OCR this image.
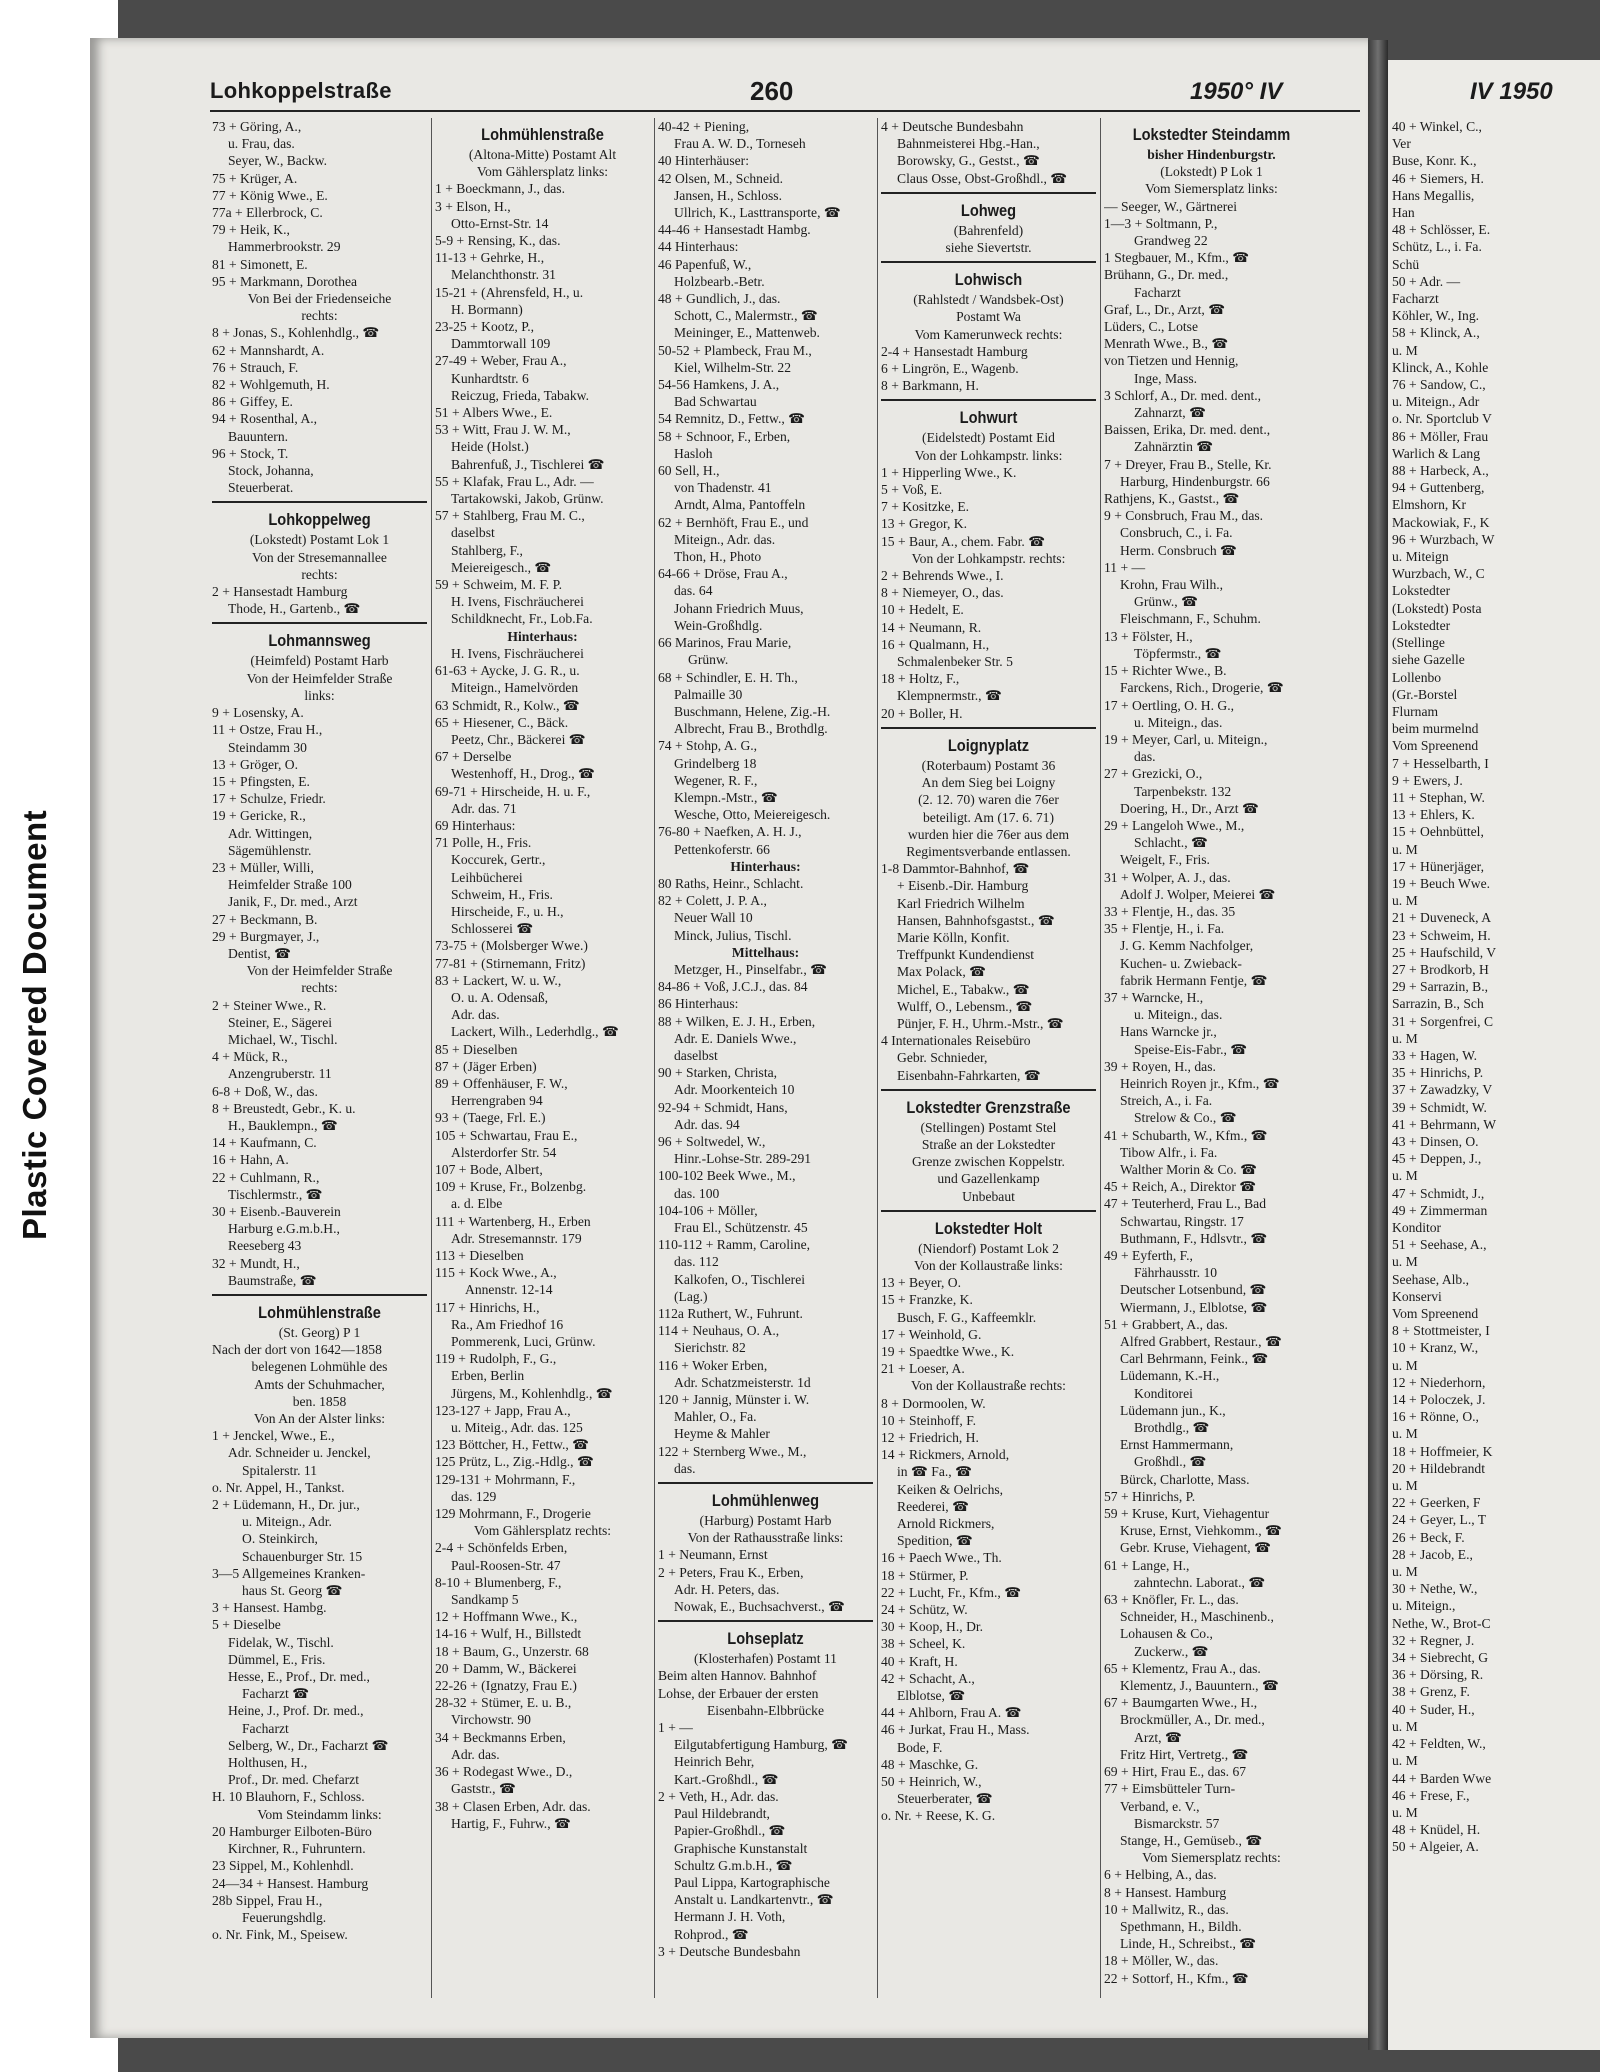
Plastic Covered Document
Lohkoppelstraße	260	1950° IV	IV 1950
73 + Göring, A.,
u. Frau, das.
Seyer, W., Backw.
75 + Krüger, A.
77 + König Wwe., E.
77a + Ellerbrock, C.
79 + Heik, K.,
Hammerbrookstr. 29
81 + Simonett, E.
95 + Markmann, Dorothea
Von Bei der Friedenseiche
rechts:
8 + Jonas, S., Kohlenhdlg., ☎
62 + Mannshardt, A.
76 + Strauch, F.
82 + Wohlgemuth, H.
86 + Giffey, E.
94 + Rosenthal, A.,
Bauuntern.
96 + Stock, T.
Stock, Johanna,
Steuerberat.
Lohkoppelweg
(Lokstedt) Postamt Lok 1
Von der Stresemannallee
rechts:
2 + Hansestadt Hamburg
Thode, H., Gartenb., ☎
Lohmannsweg
(Heimfeld) Postamt Harb
Von der Heimfelder Straße
links:
9 + Losensky, A.
11 + Ostze, Frau H.,
Steindamm 30
13 + Gröger, O.
15 + Pfingsten, E.
17 + Schulze, Friedr.
19 + Gericke, R.,
Adr. Wittingen,
Sägemühlenstr.
23 + Müller, Willi,
Heimfelder Straße 100
Janik, F., Dr. med., Arzt
27 + Beckmann, B.
29 + Burgmayer, J.,
Dentist, ☎
Von der Heimfelder Straße
rechts:
2 + Steiner Wwe., R.
Steiner, E., Sägerei
Michael, W., Tischl.
4 + Mück, R.,
Anzengruberstr. 11
6-8 + Doß, W., das.
8 + Breustedt, Gebr., K. u.
H., Bauklempn., ☎
14 + Kaufmann, C.
16 + Hahn, A.
22 + Cuhlmann, R.,
Tischlermstr., ☎
30 + Eisenb.-Bauverein
Harburg e.G.m.b.H.,
Reeseberg 43
32 + Mundt, H.,
Baumstraße, ☎
Lohmühlenstraße
(St. Georg) P 1
Nach der dort von 1642—1858
belegenen Lohmühle des
Amts der Schuhmacher,
ben. 1858
Von An der Alster links:
1 + Jenckel, Wwe., E.,
Adr. Schneider u. Jenckel,
Spitalerstr. 11
o. Nr. Appel, H., Tankst.
2 + Lüdemann, H., Dr. jur.,
u. Miteign., Adr.
O. Steinkirch,
Schauenburger Str. 15
3—5 Allgemeines Kranken-
haus St. Georg ☎
3 + Hansest. Hambg.
5 + Dieselbe
Fidelak, W., Tischl.
Dümmel, E., Fris.
Hesse, E., Prof., Dr. med.,
Facharzt ☎
Heine, J., Prof. Dr. med.,
Facharzt
Selberg, W., Dr., Facharzt ☎
Holthusen, H.,
Prof., Dr. med. Chefarzt
H. 10 Blauhorn, F., Schloss.
Vom Steindamm links:
20 Hamburger Eilboten-Büro
Kirchner, R., Fuhruntern.
23 Sippel, M., Kohlenhdl.
24—34 + Hansest. Hamburg
28b Sippel, Frau H.,
Feuerungshdlg.
o. Nr. Fink, M., Speisew.
Lohmühlenstraße
(Altona-Mitte) Postamt Alt
Vom Gählersplatz links:
1 + Boeckmann, J., das.
3 + Elson, H.,
Otto-Ernst-Str. 14
5-9 + Rensing, K., das.
11-13 + Gehrke, H.,
Melanchthonstr. 31
15-21 + (Ahrensfeld, H., u.
H. Bormann)
23-25 + Kootz, P.,
Dammtorwall 109
27-49 + Weber, Frau A.,
Kunhardtstr. 6
Reiczug, Frieda, Tabakw.
51 + Albers Wwe., E.
53 + Witt, Frau J. W. M.,
Heide (Holst.)
Bahrenfuß, J., Tischlerei ☎
55 + Klafak, Frau L., Adr. —
Tartakowski, Jakob, Grünw.
57 + Stahlberg, Frau M. C.,
daselbst
Stahlberg, F.,
Meiereigesch., ☎
59 + Schweim, M. F. P.
H. Ivens, Fischräucherei
Schildknecht, Fr., Lob.Fa.
Hinterhaus:
H. Ivens, Fischräucherei
61-63 + Aycke, J. G. R., u.
Miteign., Hamelvörden
63 Schmidt, R., Kolw., ☎
65 + Hiesener, C., Bäck.
Peetz, Chr., Bäckerei ☎
67 + Derselbe
Westenhoff, H., Drog., ☎
69-71 + Hirscheide, H. u. F.,
Adr. das. 71
69 Hinterhaus:
71 Polle, H., Fris.
Koccurek, Gertr.,
Leihbücherei
Schweim, H., Fris.
Hirscheide, F., u. H.,
Schlosserei ☎
73-75 + (Molsberger Wwe.)
77-81 + (Stirnemann, Fritz)
83 + Lackert, W. u. W.,
O. u. A. Odensaß,
Adr. das.
Lackert, Wilh., Lederhdlg., ☎
85 + Dieselben
87 + (Jäger Erben)
89 + Offenhäuser, F. W.,
Herrengraben 94
93 + (Taege, Frl. E.)
105 + Schwartau, Frau E.,
Alsterdorfer Str. 54
107 + Bode, Albert,
109 + Kruse, Fr., Bolzenbg.
a. d. Elbe
111 + Wartenberg, H., Erben
Adr. Stresemannstr. 179
113 + Dieselben
115 + Kock Wwe., A.,
Annenstr. 12-14
117 + Hinrichs, H.,
Ra., Am Friedhof 16
Pommerenk, Luci, Grünw.
119 + Rudolph, F., G.,
Erben, Berlin
Jürgens, M., Kohlenhdlg., ☎
123-127 + Japp, Frau A.,
u. Miteig., Adr. das. 125
123 Böttcher, H., Fettw., ☎
125 Prütz, L., Zig.-Hdlg., ☎
129-131 + Mohrmann, F.,
das. 129
129 Mohrmann, F., Drogerie
Vom Gählersplatz rechts:
2-4 + Schönfelds Erben,
Paul-Roosen-Str. 47
8-10 + Blumenberg, F.,
Sandkamp 5
12 + Hoffmann Wwe., K.,
14-16 + Wulf, H., Billstedt
18 + Baum, G., Unzerstr. 68
20 + Damm, W., Bäckerei
22-26 + (Ignatzy, Frau E.)
28-32 + Stümer, E. u. B.,
Virchowstr. 90
34 + Beckmanns Erben,
Adr. das.
36 + Rodegast Wwe., D.,
Gaststr., ☎
38 + Clasen Erben, Adr. das.
Hartig, F., Fuhrw., ☎
40-42 + Piening,
Frau A. W. D., Torneseh
40 Hinterhäuser:
42 Olsen, M., Schneid.
Jansen, H., Schloss.
Ullrich, K., Lasttransporte, ☎
44-46 + Hansestadt Hambg.
44 Hinterhaus:
46 Papenfuß, W.,
Holzbearb.-Betr.
48 + Gundlich, J., das.
Schott, C., Malermstr., ☎
Meininger, E., Mattenweb.
50-52 + Plambeck, Frau M.,
Kiel, Wilhelm-Str. 22
54-56 Hamkens, J. A.,
Bad Schwartau
54 Remnitz, D., Fettw., ☎
58 + Schnoor, F., Erben,
Hasloh
60 Sell, H.,
von Thadenstr. 41
Arndt, Alma, Pantoffeln
62 + Bernhöft, Frau E., und
Miteign., Adr. das.
Thon, H., Photo
64-66 + Dröse, Frau A.,
das. 64
Johann Friedrich Muus,
Wein-Großhdlg.
66 Marinos, Frau Marie,
Grünw.
68 + Schindler, E. H. Th.,
Palmaille 30
Buschmann, Helene, Zig.-H.
Albrecht, Frau B., Brothdlg.
74 + Stohp, A. G.,
Grindelberg 18
Wegener, R. F.,
Klempn.-Mstr., ☎
Wesche, Otto, Meiereigesch.
76-80 + Naefken, A. H. J.,
Pettenkoferstr. 66
Hinterhaus:
80 Raths, Heinr., Schlacht.
82 + Colett, J. P. A.,
Neuer Wall 10
Minck, Julius, Tischl.
Mittelhaus:
Metzger, H., Pinselfabr., ☎
84-86 + Voß, J.C.J., das. 84
86 Hinterhaus:
88 + Wilken, E. J. H., Erben,
Adr. E. Daniels Wwe.,
daselbst
90 + Starken, Christa,
Adr. Moorkenteich 10
92-94 + Schmidt, Hans,
Adr. das. 94
96 + Soltwedel, W.,
Hinr.-Lohse-Str. 289-291
100-102 Beek Wwe., M.,
das. 100
104-106 + Möller,
Frau El., Schützenstr. 45
110-112 + Ramm, Caroline,
das. 112
Kalkofen, O., Tischlerei
(Lag.)
112a Ruthert, W., Fuhrunt.
114 + Neuhaus, O. A.,
Sierichstr. 82
116 + Woker Erben,
Adr. Schatzmeisterstr. 1d
120 + Jannig, Münster i. W.
Mahler, O., Fa.
Heyme & Mahler
122 + Sternberg Wwe., M.,
das.
Lohmühlenweg
(Harburg) Postamt Harb
Von der Rathausstraße links:
1 + Neumann, Ernst
2 + Peters, Frau K., Erben,
Adr. H. Peters, das.
Nowak, E., Buchsachverst., ☎
Lohseplatz
(Klosterhafen) Postamt 11
Beim alten Hannov. Bahnhof
Lohse, der Erbauer der ersten
Eisenbahn-Elbbrücke
1 + —
Eilgutabfertigung Hamburg, ☎
Heinrich Behr,
Kart.-Großhdl., ☎
2 + Veth, H., Adr. das.
Paul Hildebrandt,
Papier-Großhdl., ☎
Graphische Kunstanstalt
Schultz G.m.b.H., ☎
Paul Lippa, Kartographische
Anstalt u. Landkartenvtr., ☎
Hermann J. H. Voth,
Rohprod., ☎
3 + Deutsche Bundesbahn
4 + Deutsche Bundesbahn
Bahnmeisterei Hbg.-Han.,
Borowsky, G., Gestst., ☎
Claus Osse, Obst-Großhdl., ☎
Lohweg
(Bahrenfeld)
siehe Sievertstr.
Lohwisch
(Rahlstedt / Wandsbek-Ost)
Postamt Wa
Vom Kamerunweck rechts:
2-4 + Hansestadt Hamburg
6 + Lingrön, E., Wagenb.
8 + Barkmann, H.
Lohwurt
(Eidelstedt) Postamt Eid
Von der Lohkampstr. links:
1 + Hipperling Wwe., K.
5 + Voß, E.
7 + Kositzke, E.
13 + Gregor, K.
15 + Baur, A., chem. Fabr. ☎
Von der Lohkampstr. rechts:
2 + Behrends Wwe., I.
8 + Niemeyer, O., das.
10 + Hedelt, E.
14 + Neumann, R.
16 + Qualmann, H.,
Schmalenbeker Str. 5
18 + Holtz, F.,
Klempnermstr., ☎
20 + Boller, H.
Loignyplatz
(Roterbaum) Postamt 36
An dem Sieg bei Loigny
(2. 12. 70) waren die 76er
beteiligt. Am (17. 6. 71)
wurden hier die 76er aus dem
Regimentsverbande entlassen.
1-8 Dammtor-Bahnhof, ☎
+ Eisenb.-Dir. Hamburg
Karl Friedrich Wilhelm
Hansen, Bahnhofsgastst., ☎
Marie Kölln, Konfit.
Treffpunkt Kundendienst
Max Polack, ☎
Michel, E., Tabakw., ☎
Wulff, O., Lebensm., ☎
Pünjer, F. H., Uhrm.-Mstr., ☎
4 Internationales Reisebüro
Gebr. Schnieder,
Eisenbahn-Fahrkarten, ☎
Lokstedter Grenzstraße
(Stellingen) Postamt Stel
Straße an der Lokstedter
Grenze zwischen Koppelstr.
und Gazellenkamp
Unbebaut
Lokstedter Holt
(Niendorf) Postamt Lok 2
Von der Kollaustraße links:
13 + Beyer, O.
15 + Franzke, K.
Busch, F. G., Kaffeemklr.
17 + Weinhold, G.
19 + Spaedtke Wwe., K.
21 + Loeser, A.
Von der Kollaustraße rechts:
8 + Dormoolen, W.
10 + Steinhoff, F.
12 + Friedrich, H.
14 + Rickmers, Arnold,
in ☎ Fa., ☎
Keiken & Oelrichs,
Reederei, ☎
Arnold Rickmers,
Spedition, ☎
16 + Paech Wwe., Th.
18 + Stürmer, P.
22 + Lucht, Fr., Kfm., ☎
24 + Schütz, W.
30 + Koop, H., Dr.
38 + Scheel, K.
40 + Kraft, H.
42 + Schacht, A.,
Elblotse, ☎
44 + Ahlborn, Frau A. ☎
46 + Jurkat, Frau H., Mass.
Bode, F.
48 + Maschke, G.
50 + Heinrich, W.,
Steuerberater, ☎
o. Nr. + Reese, K. G.
Lokstedter Steindamm
bisher Hindenburgstr.
(Lokstedt) P Lok 1
Vom Siemersplatz links:
— Seeger, W., Gärtnerei
1—3 + Soltmann, P.,
Grandweg 22
1 Stegbauer, M., Kfm., ☎
Brühann, G., Dr. med.,
Facharzt
Graf, L., Dr., Arzt, ☎
Lüders, C., Lotse
Menrath Wwe., B., ☎
von Tietzen und Hennig,
Inge, Mass.
3 Schlorf, A., Dr. med. dent.,
Zahnarzt, ☎
Baissen, Erika, Dr. med. dent.,
Zahnärztin ☎
7 + Dreyer, Frau B., Stelle, Kr.
Harburg, Hindenburgstr. 66
Rathjens, K., Gastst., ☎
9 + Consbruch, Frau M., das.
Consbruch, C., i. Fa.
Herm. Consbruch ☎
11 + —
Krohn, Frau Wilh.,
Grünw., ☎
Fleischmann, F., Schuhm.
13 + Fölster, H.,
Töpfermstr., ☎
15 + Richter Wwe., B.
Farckens, Rich., Drogerie, ☎
17 + Oertling, O. H. G.,
u. Miteign., das.
19 + Meyer, Carl, u. Miteign.,
das.
27 + Grezicki, O.,
Tarpenbekstr. 132
Doering, H., Dr., Arzt ☎
29 + Langeloh Wwe., M.,
Schlacht., ☎
Weigelt, F., Fris.
31 + Wolper, A. J., das.
Adolf J. Wolper, Meierei ☎
33 + Flentje, H., das. 35
35 + Flentje, H., i. Fa.
J. G. Kemm Nachfolger,
Kuchen- u. Zwieback-
fabrik Hermann Fentje, ☎
37 + Warncke, H.,
u. Miteign., das.
Hans Warncke jr.,
Speise-Eis-Fabr., ☎
39 + Royen, H., das.
Heinrich Royen jr., Kfm., ☎
Streich, A., i. Fa.
Strelow & Co., ☎
41 + Schubarth, W., Kfm., ☎
Tibow Alfr., i. Fa.
Walther Morin & Co. ☎
45 + Reich, A., Direktor ☎
47 + Teuterherd, Frau L., Bad
Schwartau, Ringstr. 17
Buthmann, F., Hdlsvtr., ☎
49 + Eyferth, F.,
Fährhausstr. 10
Deutscher Lotsenbund, ☎
Wiermann, J., Elblotse, ☎
51 + Grabbert, A., das.
Alfred Grabbert, Restaur., ☎
Carl Behrmann, Feink., ☎
Lüdemann, K.-H.,
Konditorei
Lüdemann jun., K.,
Brothdlg., ☎
Ernst Hammermann,
Großhdl., ☎
Bürck, Charlotte, Mass.
57 + Hinrichs, P.
59 + Kruse, Kurt, Viehagentur
Kruse, Ernst, Viehkomm., ☎
Gebr. Kruse, Viehagent, ☎
61 + Lange, H.,
zahntechn. Laborat., ☎
63 + Knöfler, Fr. L., das.
Schneider, H., Maschinenb.,
Lohausen & Co.,
Zuckerw., ☎
65 + Klementz, Frau A., das.
Klementz, J., Bauuntern., ☎
67 + Baumgarten Wwe., H.,
Brockmüller, A., Dr. med.,
Arzt, ☎
Fritz Hirt, Vertretg., ☎
69 + Hirt, Frau E., das. 67
77 + Eimsbütteler Turn-
Verband, e. V.,
Bismarckstr. 57
Stange, H., Gemüseb., ☎
Vom Siemersplatz rechts:
6 + Helbing, A., das.
8 + Hansest. Hamburg
10 + Mallwitz, R., das.
Spethmann, H., Bildh.
Linde, H., Schreibst., ☎
18 + Möller, W., das.
22 + Sottorf, H., Kfm., ☎
40 + Winkel, C.,
Ver
Buse, Konr. K.,
46 + Siemers, H.
Hans Megallis,
Han
48 + Schlösser, E.
Schütz, L., i. Fa.
Schü
50 + Adr. —
Facharzt
Köhler, W., Ing.
58 + Klinck, A.,
u. M
Klinck, A., Kohle
76 + Sandow, C.,
u. Miteign., Adr
o. Nr. Sportclub V
86 + Möller, Frau
Warlich & Lang
88 + Harbeck, A.,
94 + Guttenberg,
Elmshorn, Kr
Mackowiak, F., K
96 + Wurzbach, W
u. Miteign
Wurzbach, W., C
Lokstedter
(Lokstedt) Posta
Lokstedter
(Stellinge
siehe Gazelle
Lollenbo
(Gr.-Borstel
Flurnam
beim murmelnd
Vom Spreenend
7 + Hesselbarth, I
9 + Ewers, J.
11 + Stephan, W.
13 + Ehlers, K.
15 + Oehnbüttel,
u. M
17 + Hünerjäger,
19 + Beuch Wwe.
u. M
21 + Duveneck, A
23 + Schweim, H.
25 + Haufschild, V
27 + Brodkorb, H
29 + Sarrazin, B.,
Sarrazin, B., Sch
31 + Sorgenfrei, C
u. M
33 + Hagen, W.
35 + Hinrichs, P.
37 + Zawadzky, V
39 + Schmidt, W.
41 + Behrmann, W
43 + Dinsen, O.
45 + Deppen, J.,
u. M
47 + Schmidt, J.,
49 + Zimmerman
Konditor
51 + Seehase, A.,
u. M
Seehase, Alb.,
Konservi
Vom Spreenend
8 + Stottmeister, I
10 + Kranz, W.,
u. M
12 + Niederhorn,
14 + Poloczek, J.
16 + Rönne, O.,
u. M
18 + Hoffmeier, K
20 + Hildebrandt
u. M
22 + Geerken, F
24 + Geyer, L., T
26 + Beck, F.
28 + Jacob, E.,
u. M
30 + Nethe, W.,
u. Miteign.,
Nethe, W., Brot-C
32 + Regner, J.
34 + Siebrecht, G
36 + Dörsing, R.
38 + Grenz, F.
40 + Suder, H.,
u. M
42 + Feldten, W.,
u. M
44 + Barden Wwe
46 + Frese, F.,
u. M
48 + Knüdel, H.
50 + Algeier, A.
